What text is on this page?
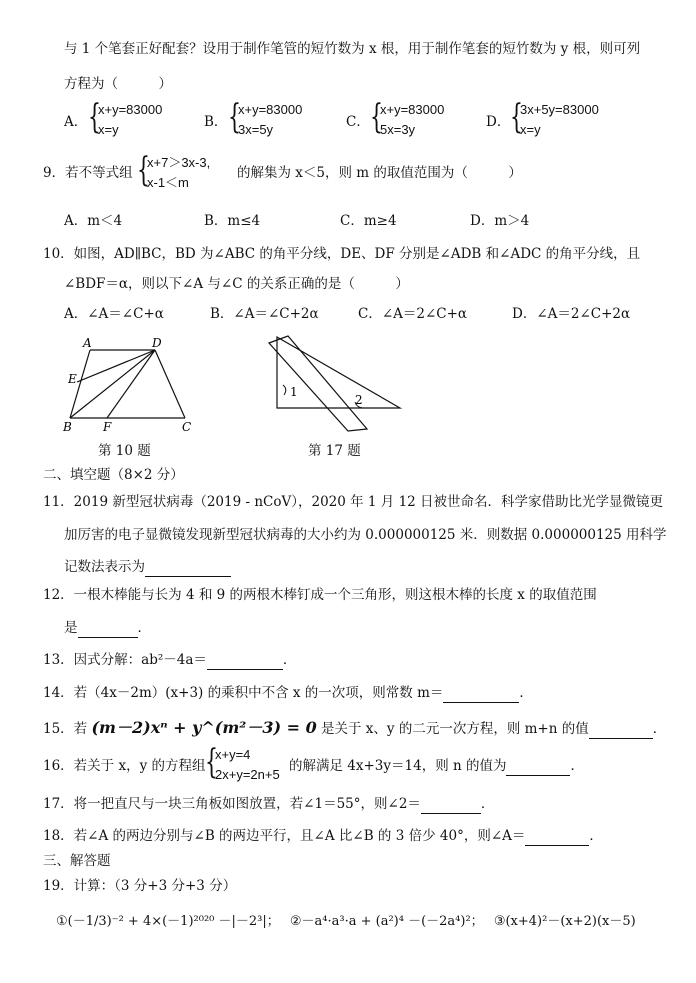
与 1 个笔套正好配套？设用于制作笔管的短竹数为 x 根，用于制作笔套的短竹数为 y 根，则可列
方程为（　　　）
A． {
x+y=83000
x=y	B． {
x+y=83000
3x=5y	C． {
x+y=83000
5x=3y	D． {
3x+5y=83000
x=y
9．若不等式组 {
x+7＞3x-3,
x-1＜m
的解集为 x＜5，则 m 的取值范围为（　　　）
A．m＜4	B．m≤4	C．m≥4	D．m＞4
10．如图，AD∥BC，BD 为∠ABC 的角平分线，DE、DF 分别是∠ADB 和∠ADC 的角平分线，且
∠BDF＝α，则以下∠A 与∠C 的关系正确的是（　　　）
A．∠A＝∠C+α	B．∠A＝∠C+2α	C．∠A＝2∠C+α	D．∠A＝2∠C+2α
A	D
E
B	F	C
第 10 题
1
2
第 17 题
二、填空题（8×2 分）
11．2019 新型冠状病毒（2019 - nCoV），2020 年 1 月 12 日被世命名．科学家借助比光学显微镜更
加厉害的电子显微镜发现新型冠状病毒的大小约为 0.000000125 米．则数据 0.000000125 用科学
记数法表示为
12．一根木棒能与长为 4 和 9 的两根木棒钉成一个三角形，则这根木棒的长度 x 的取值范围
是	．
13．因式分解：ab²－4a＝	．
14．若（4x－2m）(x+3) 的乘积中不含 x 的一次项，则常数 m＝	．
15．若 (m－2)xⁿ + y^(m²－3) = 0 是关于 x、y 的二元一次方程，则 m+n 的值	．
16．若关于 x，y 的方程组 {
x+y=4
2x+y=2n+5
的解满足 4x+3y＝14，则 n 的值为	．
17．将一把直尺与一块三角板如图放置，若∠1＝55°，则∠2＝	．
18．若∠A 的两边分别与∠B 的两边平行，且∠A 比∠B 的 3 倍少 40°，则∠A＝	．
三、解答题
19．计算：（3 分+3 分+3 分）
①(－1/3)⁻² + 4×(－1)²⁰²⁰ －|－2³|； ②－a⁴·a³·a + (a²)⁴ －(－2a⁴)²； ③(x+4)²－(x+2)(x－5)
